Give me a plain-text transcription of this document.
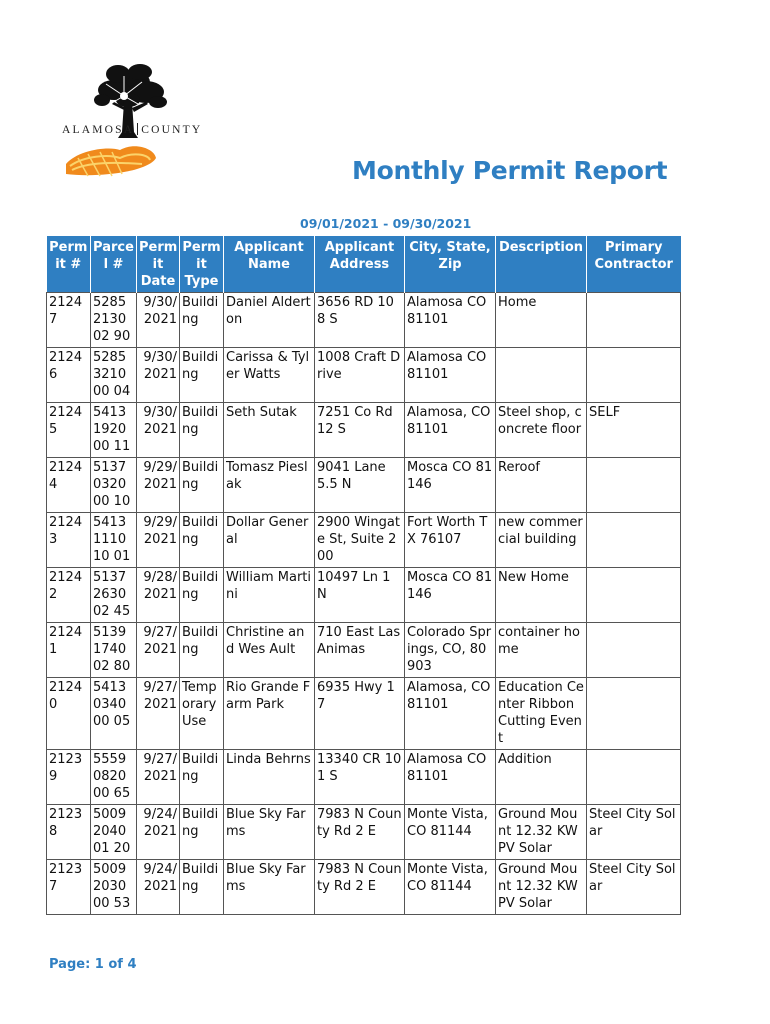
ALAMOSA COUNTY
Monthly Permit Report
09/01/2021 - 09/30/2021
Perm it #	Parce l #	Perm it Date	Perm it Type	Applicant Name	Applicant Address	City, State, Zip	Description	Primary Contractor
21247	5285213002 90	9/30/ 2021	Buildi ng	Daniel Alderton	3656 RD 108 S	Alamosa CO 81101	Home	
21246	5285321000 04	9/30/ 2021	Buildi ng	Carissa & Tyler Watts	1008 Craft Drive	Alamosa CO 81101		
21245	5413192000 11	9/30/ 2021	Buildi ng	Seth Sutak	7251 Co Rd 12 S	Alamosa, CO 81101	Steel shop, concrete floor	SELF
21244	5137032000 10	9/29/ 2021	Buildi ng	Tomasz Pieslak	9041 Lane 5.5 N	Mosca CO 81146	Reroof	
21243	5413111010 01	9/29/ 2021	Buildi ng	Dollar General	2900 Wingate St, Suite 200	Fort Worth TX 76107	new commercial building	
21242	5137263002 45	9/28/ 2021	Buildi ng	William Martini	10497 Ln 1 N	Mosca CO 81146	New Home	
21241	5139174002 80	9/27/ 2021	Buildi ng	Christine and Wes Ault	710 East Las Animas	Colorado Springs, CO, 80903	container home	
21240	5413034000 05	9/27/ 2021	Temp orary Use	Rio Grande Farm Park	6935 Hwy 17	Alamosa, CO 81101	Education Center Ribbon Cutting Event	
21239	5559082000 65	9/27/ 2021	Buildi ng	Linda Behrns	13340 CR 101 S	Alamosa CO 81101	Addition	
21238	5009204001 20	9/24/ 2021	Buildi ng	Blue Sky Farms	7983 N County Rd 2 E	Monte Vista, CO 81144	Ground Mount 12.32 KW PV Solar	Steel City Solar
21237	5009203000 53	9/24/ 2021	Buildi ng	Blue Sky Farms	7983 N County Rd 2 E	Monte Vista, CO 81144	Ground Mount 12.32 KW PV Solar	Steel City Solar
Page: 1 of 4
